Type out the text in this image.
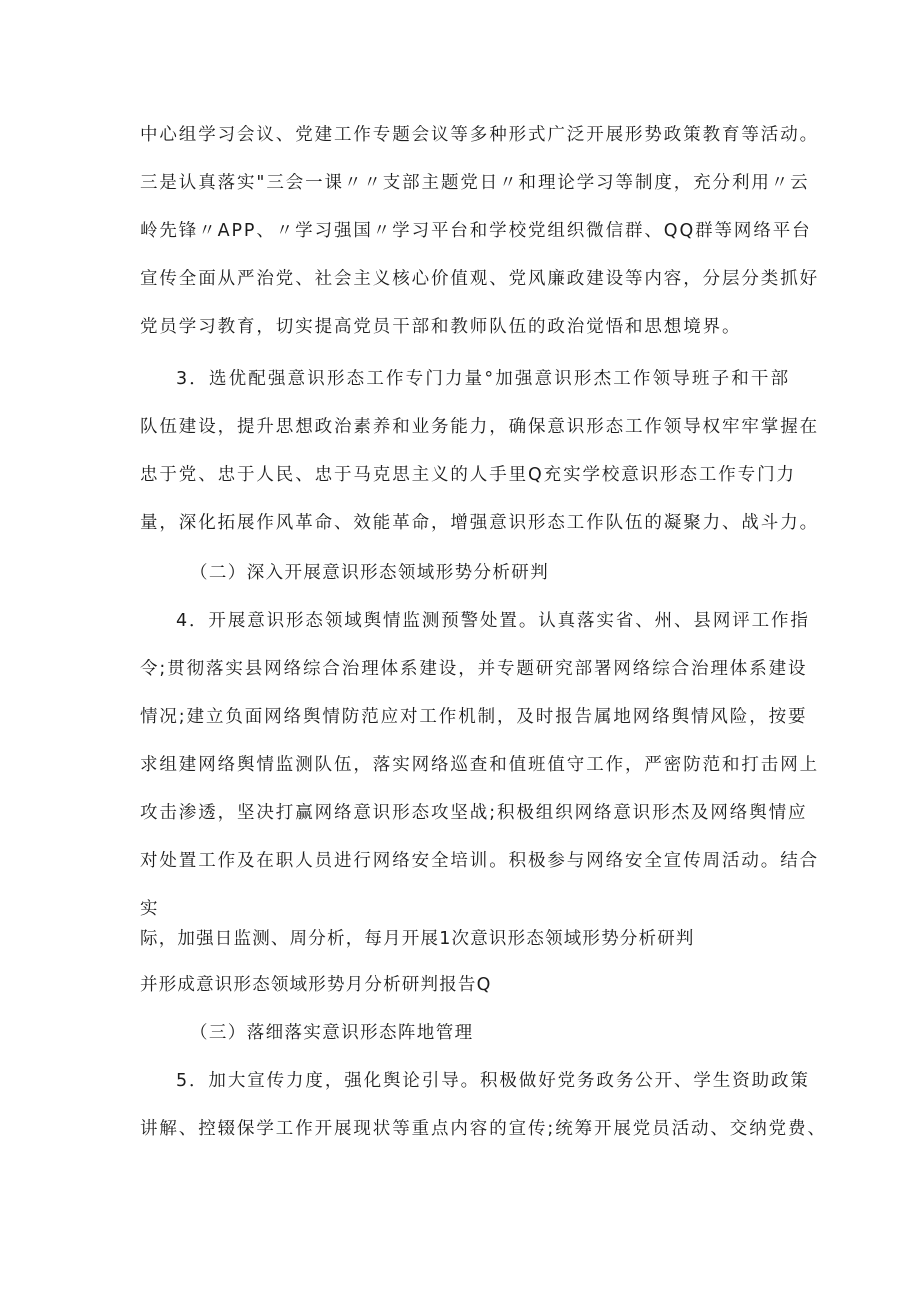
中心组学习会议、党建工作专题会议等多种形式广泛开展形势政策教育等活动。
三是认真落实"三会一课〃〃支部主题党日〃和理论学习等制度，充分利用〃云
岭先锋〃APP、〃学习强国〃学习平台和学校党组织微信群、QQ群等网络平台
宣传全面从严治党、社会主义核心价值观、党风廉政建设等内容，分层分类抓好
党员学习教育，切实提高党员干部和教师队伍的政治觉悟和思想境界。
3．选优配强意识形态工作专门力量°加强意识形杰工作领导班子和干部
队伍建设，提升思想政治素养和业务能力，确保意识形态工作领导权牢牢掌握在
忠于党、忠于人民、忠于马克思主义的人手里Q充实学校意识形态工作专门力
量，深化拓展作风革命、效能革命，增强意识形态工作队伍的凝聚力、战斗力。
（二）深入开展意识形态领域形势分析研判
4．开展意识形态领域舆情监测预警处置。认真落实省、州、县网评工作指
令;贯彻落实县网络综合治理体系建设，并专题研究部署网络综合治理体系建设
情况;建立负面网络舆情防范应对工作机制，及时报告属地网络舆情风险，按要
求组建网络舆情监测队伍，落实网络巡查和值班值守工作，严密防范和打击网上
攻击渗透，坚决打赢网络意识形态攻坚战;积极组织网络意识形杰及网络舆情应
对处置工作及在职人员进行网络安全培训。积极参与网络安全宣传周活动。结合
实
际，加强日监测、周分析，每月开展1次意识形态领域形势分析研判
并形成意识形态领域形势月分析研判报告Q
（三）落细落实意识形态阵地管理
5．加大宣传力度，强化舆论引导。积极做好党务政务公开、学生资助政策
讲解、控辍保学工作开展现状等重点内容的宣传;统筹开展党员活动、交纳党费、
